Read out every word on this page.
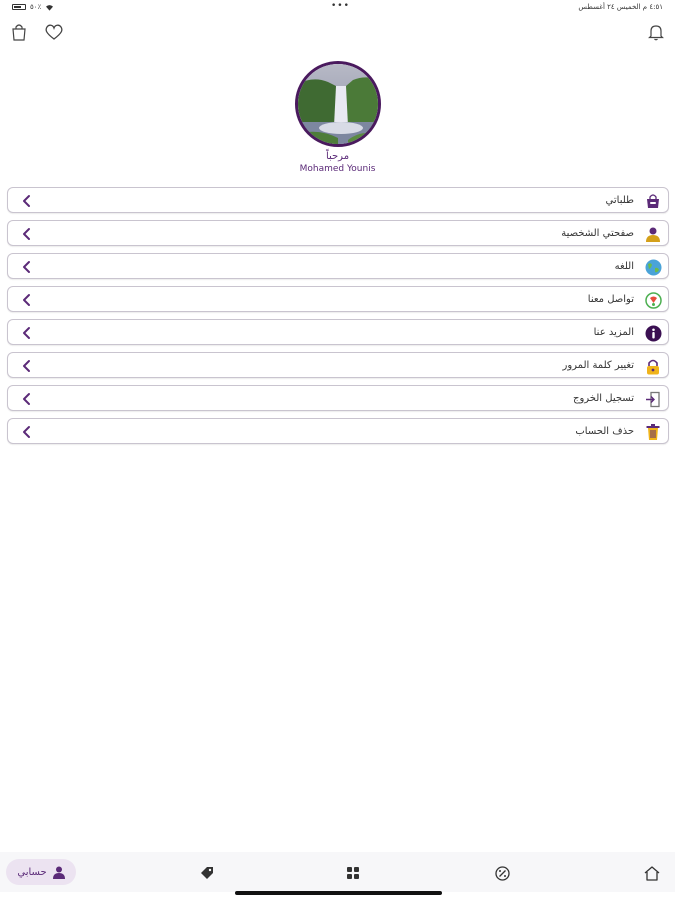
٥٠٪	•••	٤:٥١ م الخميس ٢٤ أغسطس
مرحباً
Mohamed Younis
طلباتي
صفحتي الشخصية
اللغه
تواصل معنا
المزيد عنا
تغيير كلمة المرور
تسجيل الخروج
حذف الحساب
حسابي
